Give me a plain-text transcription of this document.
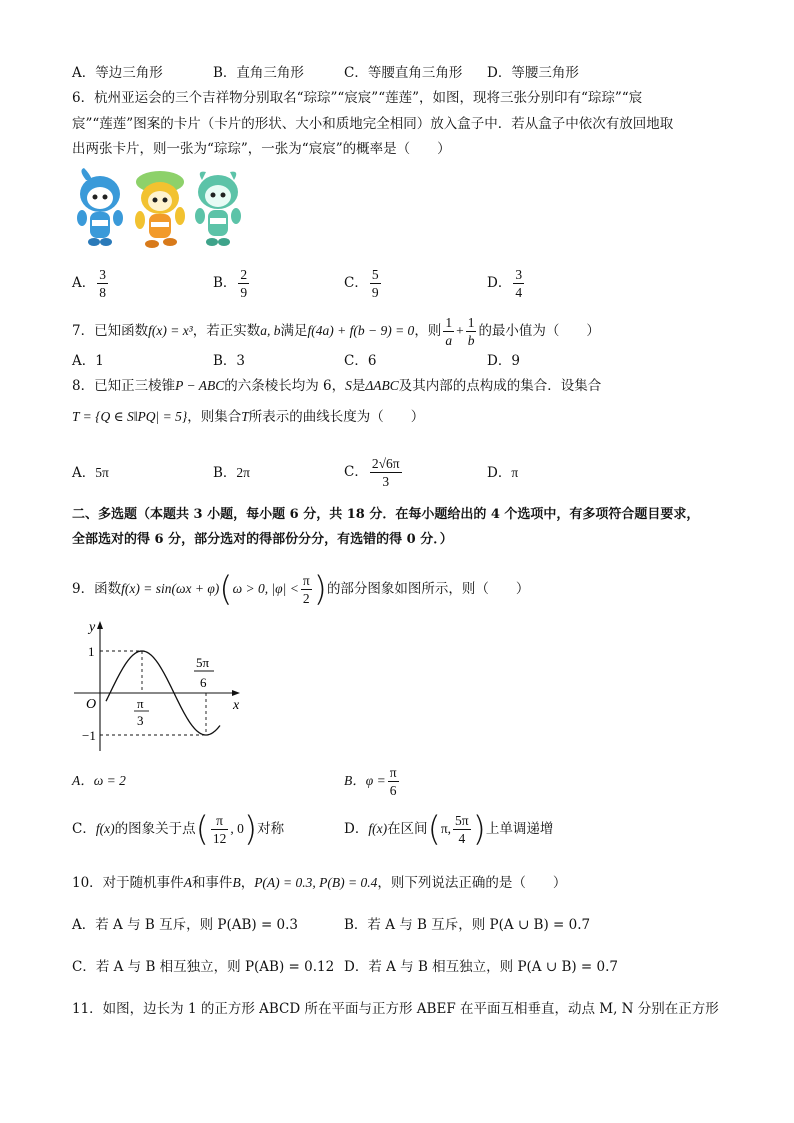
A．等边三角形	B．直角三角形	C．等腰直角三角形 D．等腰三角形
6．杭州亚运会的三个吉祥物分别取名“琮琮”“宸宸”“莲莲”，如图，现将三张分别印有“琮琮”“宸
宸”“莲莲”图案的卡片（卡片的形状、大小和质地完全相同）放入盒子中．若从盒子中依次有放回地取
出两张卡片，则一张为“琮琮”，一张为“宸宸”的概率是（　　）
A． $\frac{3}{8}$	B． $\frac{2}{9}$	C． $\frac{5}{9}$	D． $\frac{3}{4}$
7．已知函数f(x) = x³，若正实数a, b满足f(4a) + f(b − 9) = 0，则 $\frac{1}{a} + \frac{1}{b}$ 的最小值为（　　）
A．1	B．3	C．6	D．9
8．已知正三棱锥P − ABC的六条棱长均为 6，S是ΔABC及其内部的点构成的集合．设集合
T = {Q ∈ S‖PQ| = 5}，则集合T所表示的曲线长度为（　　）
A．5π	B．2π	C． $\frac{2√6\pi}{3}$	D．π
二、多选题（本题共 3 小题，每小题 6 分，共 18 分．在每小题给出的 4 个选项中，有多项符合题目要求，
全部选对的得 6 分，部分选对的得部份分分，有选错的得 0 分．）
9．函数f(x) = sin(ωx + φ)(ω > 0, $|\varphi| < \frac{\pi}{2}$ )的部分图象如图所示，则（　　）
y
x
O
1
−1
π
3
5π
6
A．ω = 2	B．$\varphi = \frac{\pi}{6}$
C．f(x)的图象关于点( $\frac{\pi}{12}$ , 0)对称	D．f(x)在区间(π, $\frac{5\pi}{4}$ )上单调递增
10．对于随机事件A和事件B，P(A) = 0.3, P(B) = 0.4，则下列说法正确的是（　　）
A．若 A 与 B 互斥，则 P(AB) = 0.3	B．若 A 与 B 互斥，则 P(A ∪ B) = 0.7
C．若 A 与 B 相互独立，则 P(AB) = 0.12 D．若 A 与 B 相互独立，则 P(A ∪ B) = 0.7
11．如图，边长为 1 的正方形 ABCD 所在平面与正方形 ABEF 在平面互相垂直，动点 M, N 分别在正方形
